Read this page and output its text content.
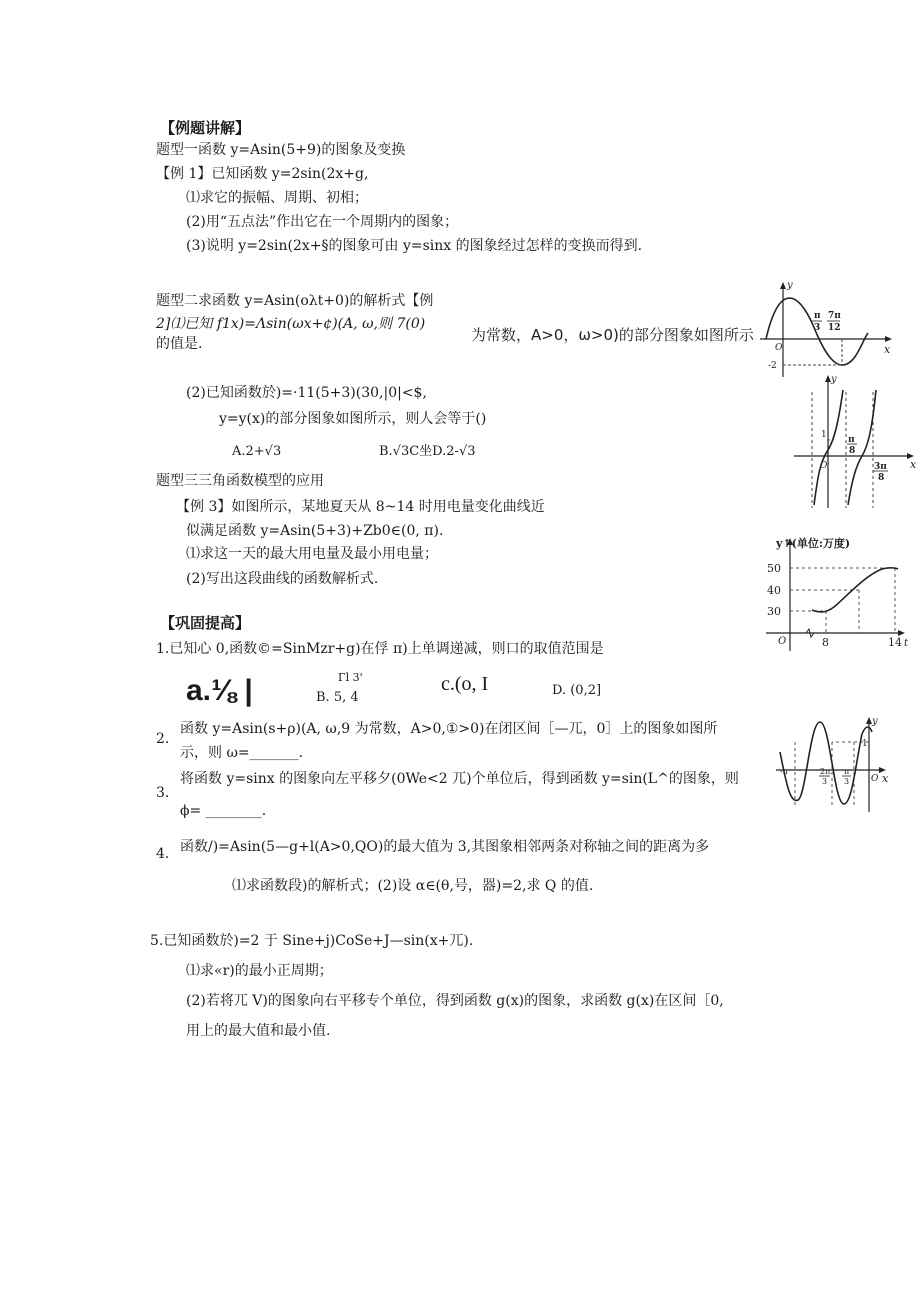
【例题讲解】
题型一函数 y=Asin(5+9)的图象及变换
【例 1】已知函数 y=2sin(2x+g,
⑴求它的振幅、周期、初相；
(2)用“五点法”作出它在一个周期内的图象；
(3)说明 y=2sin(2x+§的图象可由 y=sinx 的图象经过怎样的变换而得到.
题型二求函数 y=Asin(oλt+0)的解析式【例
2]⑴已知 f1x)=Λsin(ωx+¢)(A, ω,则 7(0)
的值是.	为常数，A>0，ω>0)的部分图象如图所示
(2)已知函数於)=·11(5+3)(30,|0|<$,
y=y(x)的部分图象如图所示，则人会等于()
A.2+√3	B.√3C坐D.2-√3
题型三三角函数模型的应用
【例 3】如图所示，某地夏天从 8~14 时用电量变化曲线近
似满足函数 y=Asin(5+3)+Zb0∈(0, π).
⑴求这一天的最大用电量及最小用电量；
(2)写出这段曲线的函数解析式.
【巩固提高】
1.已知心 0,函数©=SinMzr+g)在俘 π)上单调递减，则口的取值范围是
a.⅛ |	Γl 3'
B. 5, 4
c.(o, I	D. (0,2]
2.
函数 y=Asin(s+ρ)(A, ω,9 为常数，A>0,①>0)在闭区间［—兀，0］上的图象如图所
示，则 ω=_______.
3.
将函数 y=sinx 的图象向左平移夕(0We<2 兀)个单位后，得到函数 y=sin(L^的图象，则
ϕ= ________.
4. 函数/)=Asin(5—g+l(A>0,QO)的最大值为 3,其图象相邻两条对称轴之间的距离为多
⑴求函数段)的解析式；(2)设 α∈(θ,号，器)=2,求 Q 的值.
5.已知函数於)=2 于 Sine+j)CoSe+J—sin(x+兀).
⑴求«r)的最小正周期；
(2)若将兀 V)的图象向右平移专个单位，得到函数 g(x)的图象，求函数 g(x)在区间［0,
用上的最大值和最小值.
y
x
O
π
3
7π
12
-2
y
x
O
1 π
8
3π
8
y↑(单位:万度)
50
40
30
O	8	14 t
y
x
O
1
-π	2π
3
π
3
